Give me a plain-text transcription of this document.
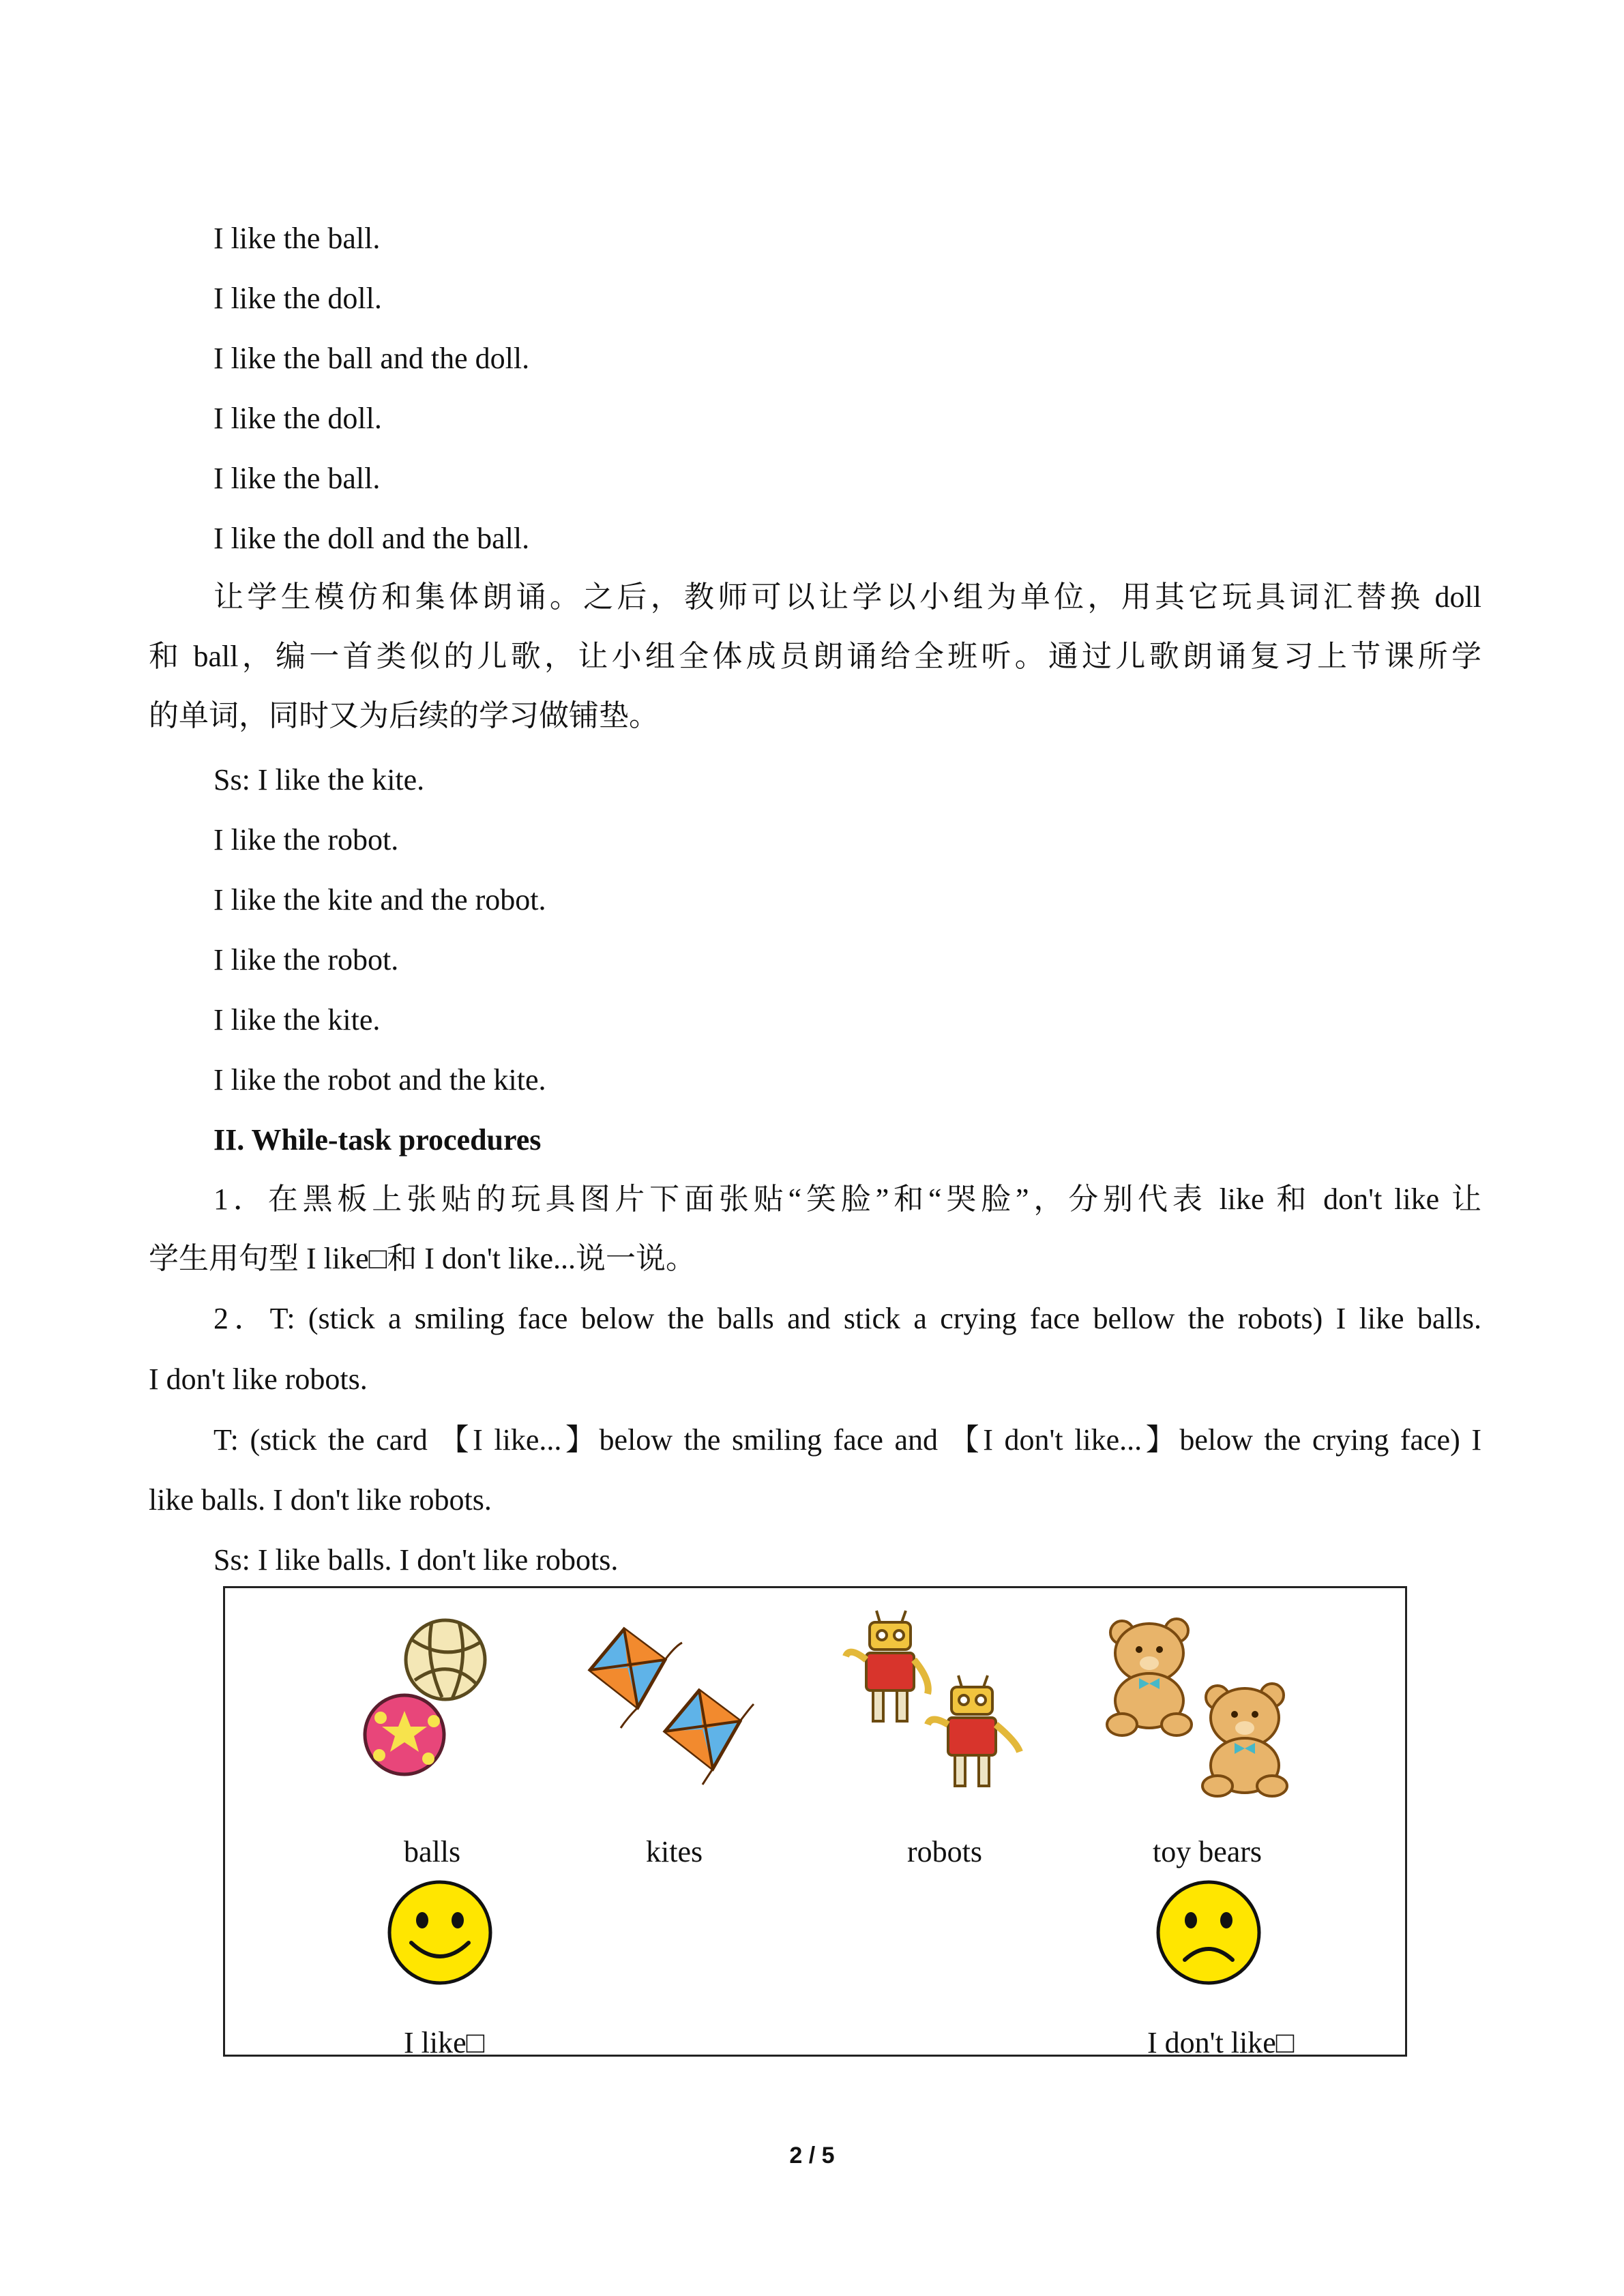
I like the ball.
I like the doll.
I like the ball and the doll.
I like the doll.
I like the ball.
I like the doll and the ball.
让学生模仿和集体朗诵。之后，教师可以让学以小组为单位，用其它玩具词汇替换 doll
和 ball，编一首类似的儿歌，让小组全体成员朗诵给全班听。通过儿歌朗诵复习上节课所学
的单词，同时又为后续的学习做铺垫。
Ss: I like the kite.
I like the robot.
I like the kite and the robot.
I like the robot.
I like the kite.
I like the robot and the kite.
II. While-task procedures
1．在黑板上张贴的玩具图片下面张贴“笑脸”和“哭脸”，分别代表 like 和 don't like 让
学生用句型 I like□和 I don't like...说一说。
2．T: (stick a smiling face below the balls and stick a crying face bellow the robots) I like balls.
I don't like robots.
T: (stick the card 【I like...】below the smiling face and 【I don't like...】below the crying face) I
like balls. I don't like robots.
Ss: I like balls. I don't like robots.
balls	kites	robots	toy bears
I like□	I don't like□
2 / 5
